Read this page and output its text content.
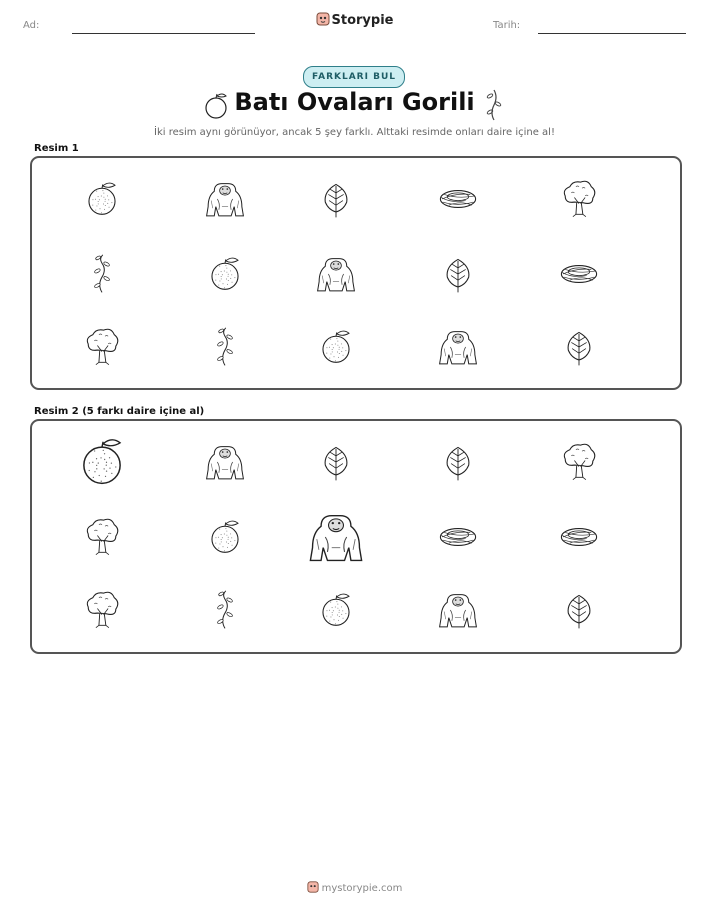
Ad:	Storypie	Tarih:
FARKLARI BUL
Batı Ovaları Gorili
İki resim aynı görünüyor, ancak 5 şey farklı. Alttaki resimde onları daire içine al!
Resim 1
Resim 2 (5 farkı daire içine al)
mystorypie.com
